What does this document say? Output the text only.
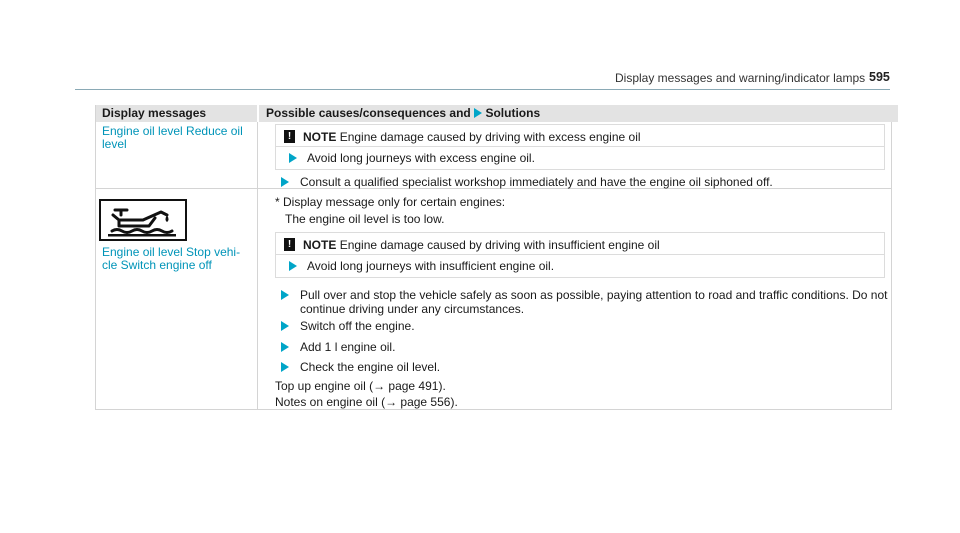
Display messages and warning/indicator lamps 595
Display messages	Possible causes/consequences and Solutions
Engine oil level Reduce oil level
! NOTE Engine damage caused by driving with excess engine oil
Avoid long journeys with excess engine oil.
Consult a qualified specialist workshop immediately and have the engine oil siphoned off.
Engine oil level Stop vehi-
cle Switch engine off
* Display message only for certain engines:
The engine oil level is too low.
! NOTE Engine damage caused by driving with insufficient engine oil
Avoid long journeys with insufficient engine oil.
Pull over and stop the vehicle safely as soon as possible, paying attention to road and traffic conditions. Do not
continue driving under any circumstances.
Switch off the engine.
Add 1 l engine oil.
Check the engine oil level.
Top up engine oil (→ page 491).
Notes on engine oil (→ page 556).
